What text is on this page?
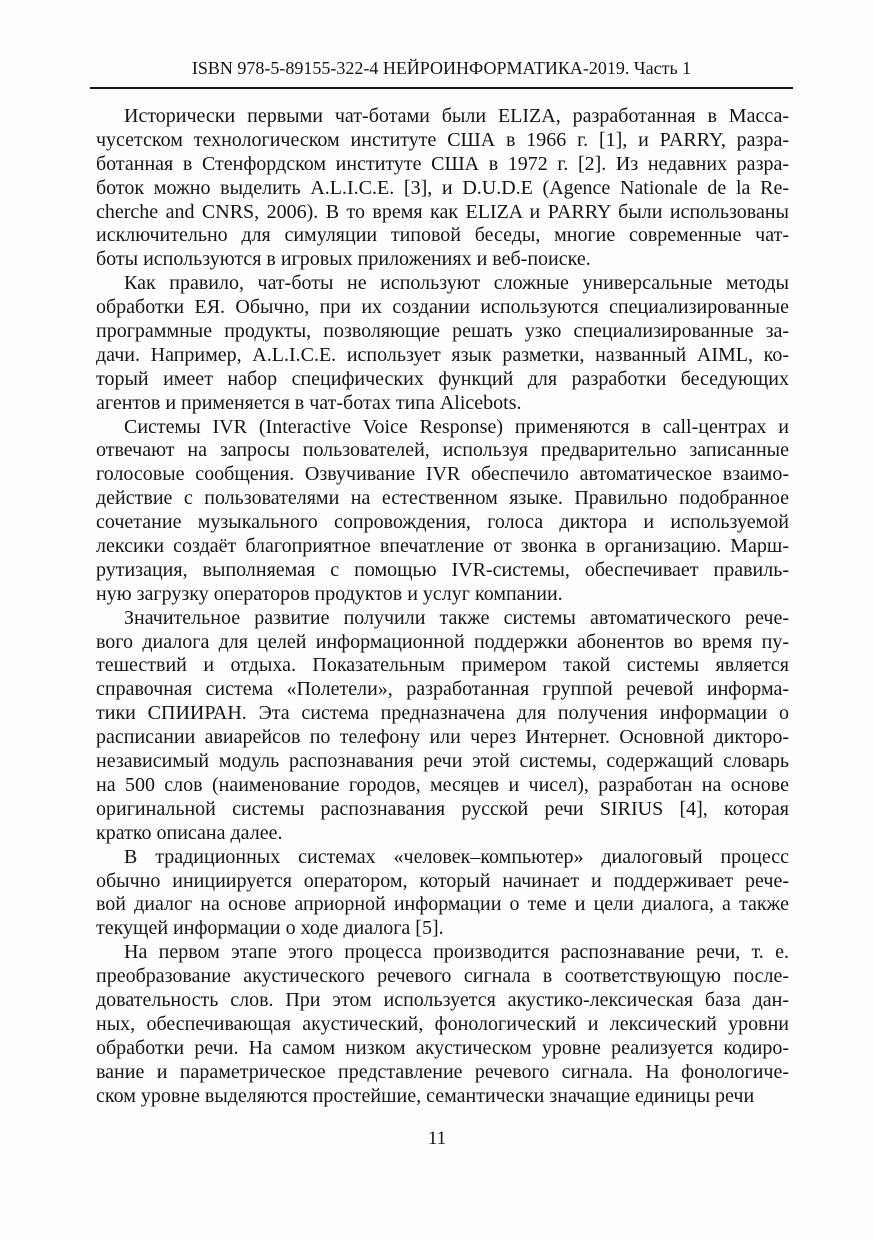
ISBN 978-5-89155-322-4 НЕЙРОИНФОРМАТИКА-2019. Часть 1

Исторически первыми чат-ботами были ELIZA, разработанная в Масса-
чусетском технологическом институте США в 1966 г. [1], и PARRY, разра-
ботанная в Стенфордском институте США в 1972 г. [2]. Из недавних разра-
боток можно выделить A.L.I.C.E. [3], и D.U.D.E (Agence Nationale de la Re-
cherche and CNRS, 2006). В то время как ELIZA и PARRY были использованы
исключительно для симуляции типовой беседы, многие современные чат-
боты используются в игровых приложениях и веб-поиске.

Как правило, чат-боты не используют сложные универсальные методы
обработки ЕЯ. Обычно, при их создании используются специализированные
программные продукты, позволяющие решать узко специализированные за-
дачи. Например, A.L.I.C.E. использует язык разметки, названный AIML, ко-
торый имеет набор специфических функций для разработки беседующих
агентов и применяется в чат-ботах типа Alicebots.

Системы IVR (Interactive Voice Response) применяются в call-центрах и
отвечают на запросы пользователей, используя предварительно записанные
голосовые сообщения. Озвучивание IVR обеспечило автоматическое взаимо-
действие с пользователями на естественном языке. Правильно подобранное
сочетание музыкального сопровождения, голоса диктора и используемой
лексики создаёт благоприятное впечатление от звонка в организацию. Марш-
рутизация, выполняемая с помощью IVR-системы, обеспечивает правиль-
ную загрузку операторов продуктов и услуг компании.

Значительное развитие получили также системы автоматического рече-
вого диалога для целей информационной поддержки абонентов во время пу-
тешествий и отдыха. Показательным примером такой системы является
справочная система «Полетели», разработанная группой речевой информа-
тики СПИИРАН. Эта система предназначена для получения информации о
расписании авиарейсов по телефону или через Интернет. Основной дикторо-
независимый модуль распознавания речи этой системы, содержащий словарь
на 500 слов (наименование городов, месяцев и чисел), разработан на основе
оригинальной системы распознавания русской речи SIRIUS [4], которая
кратко описана далее.

В традиционных системах «человек–компьютер» диалоговый процесс
обычно инициируется оператором, который начинает и поддерживает рече-
вой диалог на основе априорной информации о теме и цели диалога, а также
текущей информации о ходе диалога [5].

На первом этапе этого процесса производится распознавание речи, т. е.
преобразование акустического речевого сигнала в соответствующую после-
довательность слов. При этом используется акустико-лексическая база дан-
ных, обеспечивающая акустический, фонологический и лексический уровни
обработки речи. На самом низком акустическом уровне реализуется кодиро-
вание и параметрическое представление речевого сигнала. На фонологиче-
ском уровне выделяются простейшие, семантически значащие единицы речи

11
